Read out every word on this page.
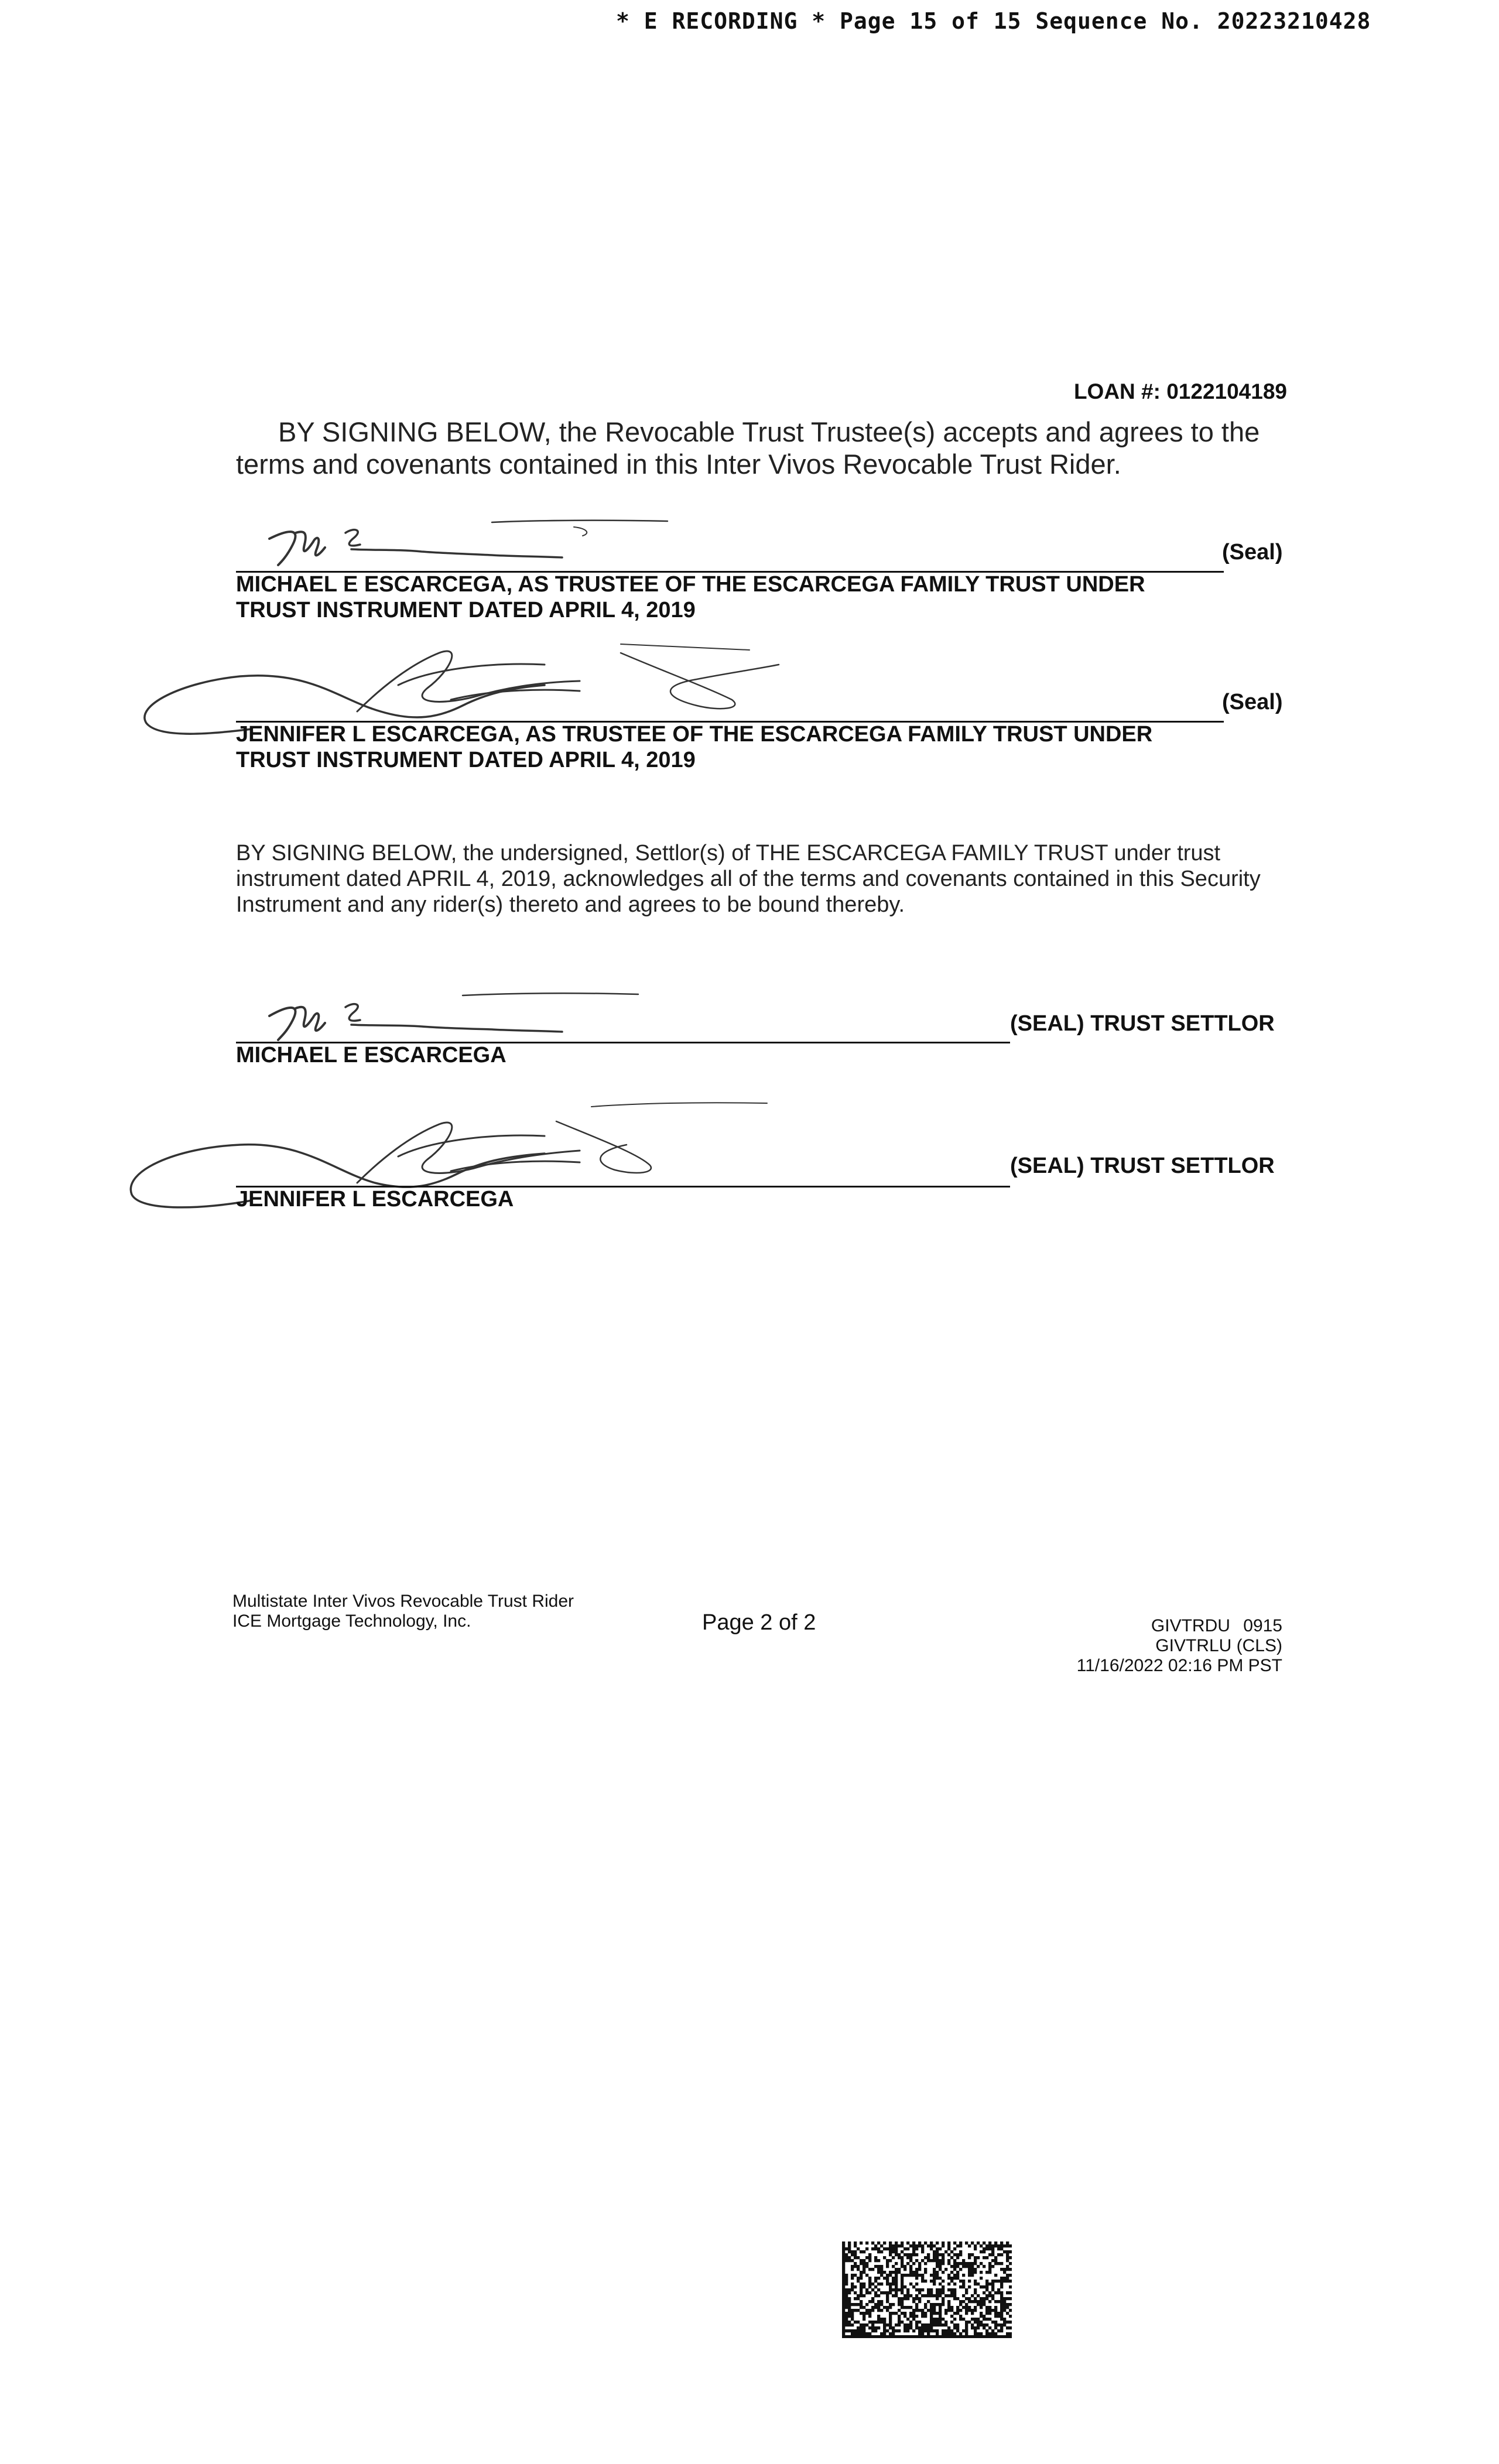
* E RECORDING * Page 15 of 15 Sequence No. 20223210428
LOAN #: 0122104189
BY SIGNING BELOW, the Revocable Trust Trustee(s) accepts and agrees to the terms and covenants contained in this Inter Vivos Revocable Trust Rider.
(Seal)
MICHAEL E ESCARCEGA, AS TRUSTEE OF THE ESCARCEGA FAMILY TRUST UNDER
TRUST INSTRUMENT DATED APRIL 4, 2019
(Seal)
JENNIFER L ESCARCEGA, AS TRUSTEE OF THE ESCARCEGA FAMILY TRUST UNDER
TRUST INSTRUMENT DATED APRIL 4, 2019
BY SIGNING BELOW, the undersigned, Settlor(s) of THE ESCARCEGA FAMILY TRUST under trust instrument dated APRIL 4, 2019, acknowledges all of the terms and covenants contained in this Security Instrument and any rider(s) thereto and agrees to be bound thereby.
(SEAL) TRUST SETTLOR
MICHAEL E ESCARCEGA
(SEAL) TRUST SETTLOR
JENNIFER L ESCARCEGA
Multistate Inter Vivos Revocable Trust Rider
ICE Mortgage Technology, Inc.	Page 2 of 2	GIVTRDU 0915
GIVTRLU (CLS)
11/16/2022 02:16 PM PST
